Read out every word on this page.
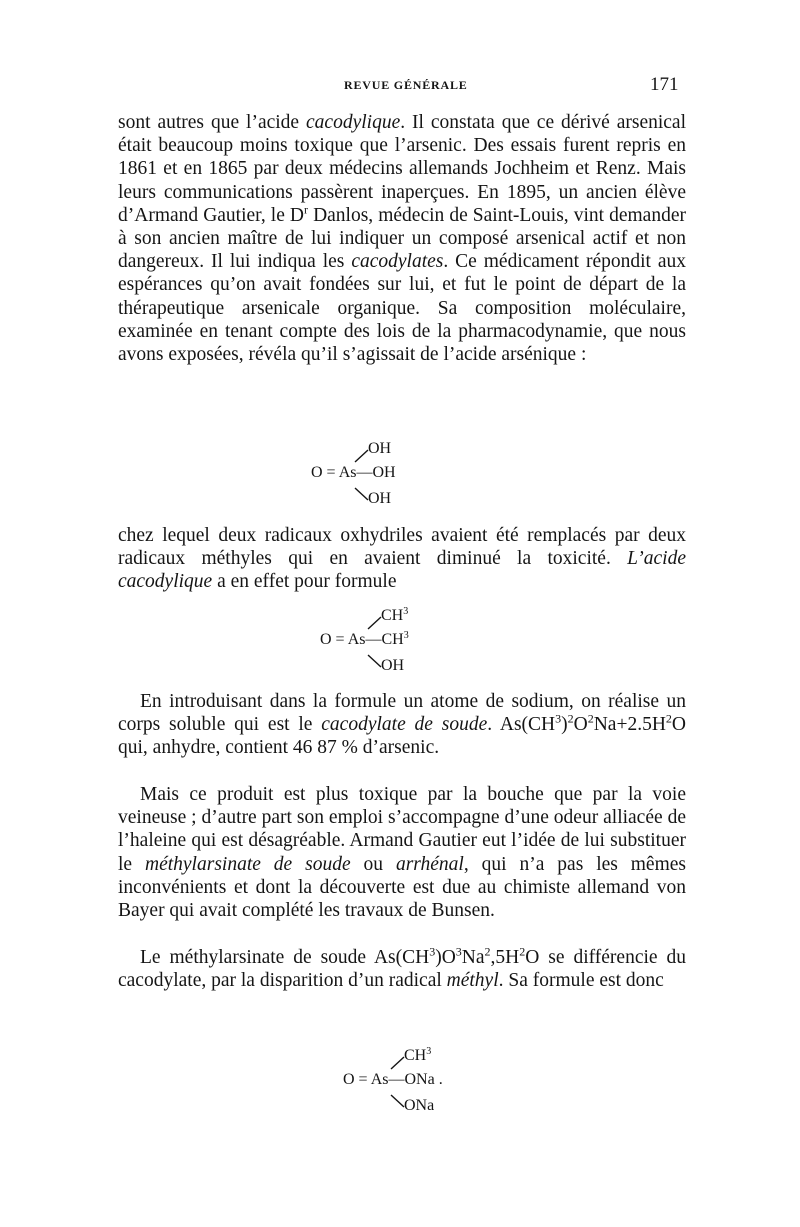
REVUE GÉNÉRALE	171

sont autres que l’acide cacodylique. Il constata que ce dérivé arsenical était beaucoup moins toxique que l’arsenic. Des essais furent repris en 1861 et en 1865 par deux médecins allemands Jochheim et Renz. Mais leurs communications passèrent inaperçues. En 1895, un ancien élève d’Armand Gautier, le $D^r$ Danlos, médecin de Saint-Louis, vint demander à son ancien maître de lui indiquer un composé arsenical actif et non dangereux. Il lui indiqua les cacodylates. Ce médicament répondit aux espérances qu’on avait fondées sur lui, et fut le point de départ de la thérapeutique arsenicale organique. Sa composition moléculaire, examinée en tenant compte des lois de la pharmacodynamie, que nous avons exposées, révéla qu’il s’agissait de l’acide arsénique :

OH
O = As—OH
OH

chez lequel deux radicaux oxhydriles avaient été remplacés par deux radicaux méthyles qui en avaient diminué la toxicité. L’acide cacodylique a en effet pour formule

$CH^3$
$O = As—CH^3$
OH

En introduisant dans la formule un atome de sodium, on réalise un corps soluble qui est le cacodylate de soude. $As(CH^3)^2O^2Na+2.5H^2O$ qui, anhydre, contient 46 87 % d’arsenic.

Mais ce produit est plus toxique par la bouche que par la voie veineuse ; d’autre part son emploi s’accompagne d’une odeur alliacée de l’haleine qui est désagréable. Armand Gautier eut l’idée de lui substituer le méthylarsinate de soude ou arrhénal, qui n’a pas les mêmes inconvénients et dont la découverte est due au chimiste allemand von Bayer qui avait complété les travaux de Bunsen.

Le méthylarsinate de soude $As(CH^3)O^3Na^2,5H^2O$ se différencie du cacodylate, par la disparition d’un radical méthyl. Sa formule est donc

$CH^3$
O = As—ONa .
ONa
